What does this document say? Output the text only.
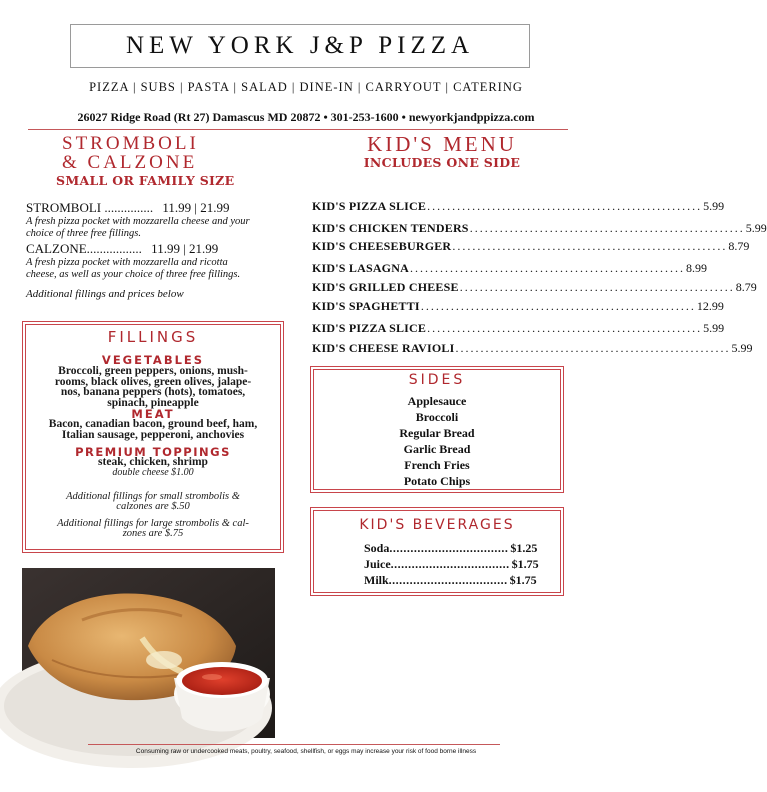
NEW YORK J&P PIZZA
PIZZA | SUBS | PASTA | SALAD | DINE-IN | CARRYOUT | CATERING
26027 Ridge Road (Rt 27) Damascus MD 20872 • 301-253-1600 • newyorkjandppizza.com
STROMBOLI
& CALZONE
SMALL OR FAMILY SIZE
STROMBOLI ............... 11.99 | 21.99
A fresh pizza pocket with mozzarella cheese and your
choice of three free fillings.
CALZONE................. 11.99 | 21.99
A fresh pizza pocket with mozzarella and ricotta
cheese, as well as your choice of three free fillings.
Additional fillings and prices below
FILLINGS
VEGETABLES
Broccoli, green peppers, onions, mush-
rooms, black olives, green olives, jalape-
nos, banana peppers (hots), tomatoes,
spinach, pineapple
MEAT
Bacon, canadian bacon, ground beef, ham,
Italian sausage, pepperoni, anchovies
PREMIUM TOPPINGS
steak, chicken, shrimp
double cheese $1.00
Additional fillings for small strombolis &
calzones are $.50
Additional fillings for large strombolis & cal-
zones are $.75
KID'S MENU
INCLUDES ONE SIDE
KID'S PIZZA SLICE ....................................................... 5.99
KID'S CHICKEN TENDERS ....................................................... 5.99
KID'S CHEESEBURGER ....................................................... 8.79
KID'S LASAGNA ....................................................... 8.99
KID'S GRILLED CHEESE ....................................................... 8.79
KID'S SPAGHETTI ....................................................... 12.99
KID'S PIZZA SLICE ....................................................... 5.99
KID'S CHEESE RAVIOLI ....................................................... 5.99
SIDES
Applesauce
Broccoli
Regular Bread
Garlic Bread
French Fries
Potato Chips
KID'S BEVERAGES
Soda .................................. $1.25
Juice .................................. $1.75
Milk .................................. $1.75
Consuming raw or undercooked meats, poultry, seafood, shellfish, or eggs may increase your risk of food borne illness
